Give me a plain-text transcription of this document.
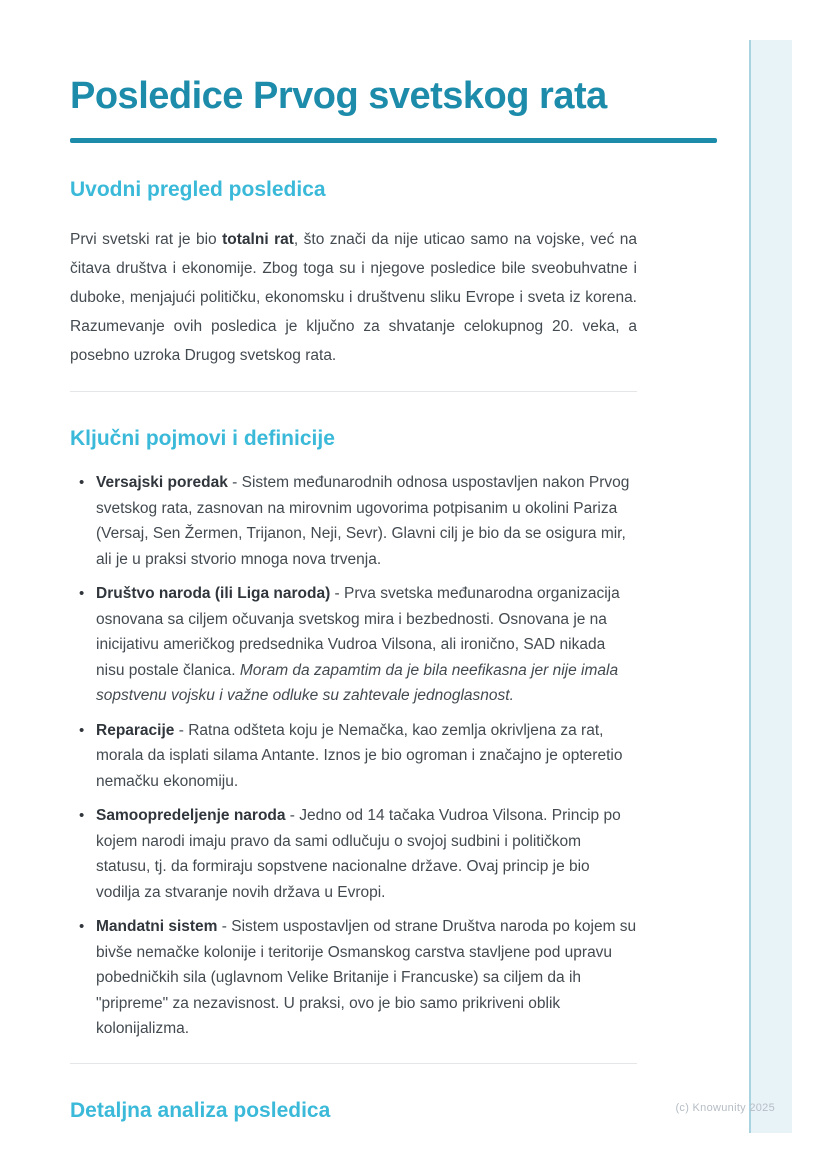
Posledice Prvog svetskog rata
Uvodni pregled posledica

Prvi svetski rat je bio totalni rat, što znači da nije uticao samo na vojske, već na čitava društva i ekonomije. Zbog toga su i njegove posledice bile sveobuhvatne i duboke, menjajući političku, ekonomsku i društvenu sliku Evrope i sveta iz korena. Razumevanje ovih posledica je ključno za shvatanje celokupnog 20. veka, a posebno uzroka Drugog svetskog rata.

Ključni pojmovi i definicije
• Versajski poredak - Sistem međunarodnih odnosa uspostavljen nakon Prvog svetskog rata, zasnovan na mirovnim ugovorima potpisanim u okolini Pariza (Versaj, Sen Žermen, Trijanon, Neji, Sevr). Glavni cilj je bio da se osigura mir, ali je u praksi stvorio mnoga nova trvenja.
• Društvo naroda (ili Liga naroda) - Prva svetska međunarodna organizacija osnovana sa ciljem očuvanja svetskog mira i bezbednosti. Osnovana je na inicijativu američkog predsednika Vudroa Vilsona, ali ironično, SAD nikada nisu postale članica. Moram da zapamtim da je bila neefikasna jer nije imala sopstvenu vojsku i važne odluke su zahtevale jednoglasnost.
• Reparacije - Ratna odšteta koju je Nemačka, kao zemlja okrivljena za rat, morala da isplati silama Antante. Iznos je bio ogroman i značajno je opteretio nemačku ekonomiju.
• Samoopredeljenje naroda - Jedno od 14 tačaka Vudroa Vilsona. Princip po kojem narodi imaju pravo da sami odlučuju o svojoj sudbini i političkom statusu, tj. da formiraju sopstvene nacionalne države. Ovaj princip je bio vodilja za stvaranje novih država u Evropi.
• Mandatni sistem - Sistem uspostavljen od strane Društva naroda po kojem su bivše nemačke kolonije i teritorije Osmanskog carstva stavljene pod upravu pobedničkih sila (uglavnom Velike Britanije i Francuske) sa ciljem da ih "pripreme" za nezavisnost. U praksi, ovo je bio samo prikriveni oblik kolonijalizma.
Detaljna analiza posledica	(c) Knowunity 2025
